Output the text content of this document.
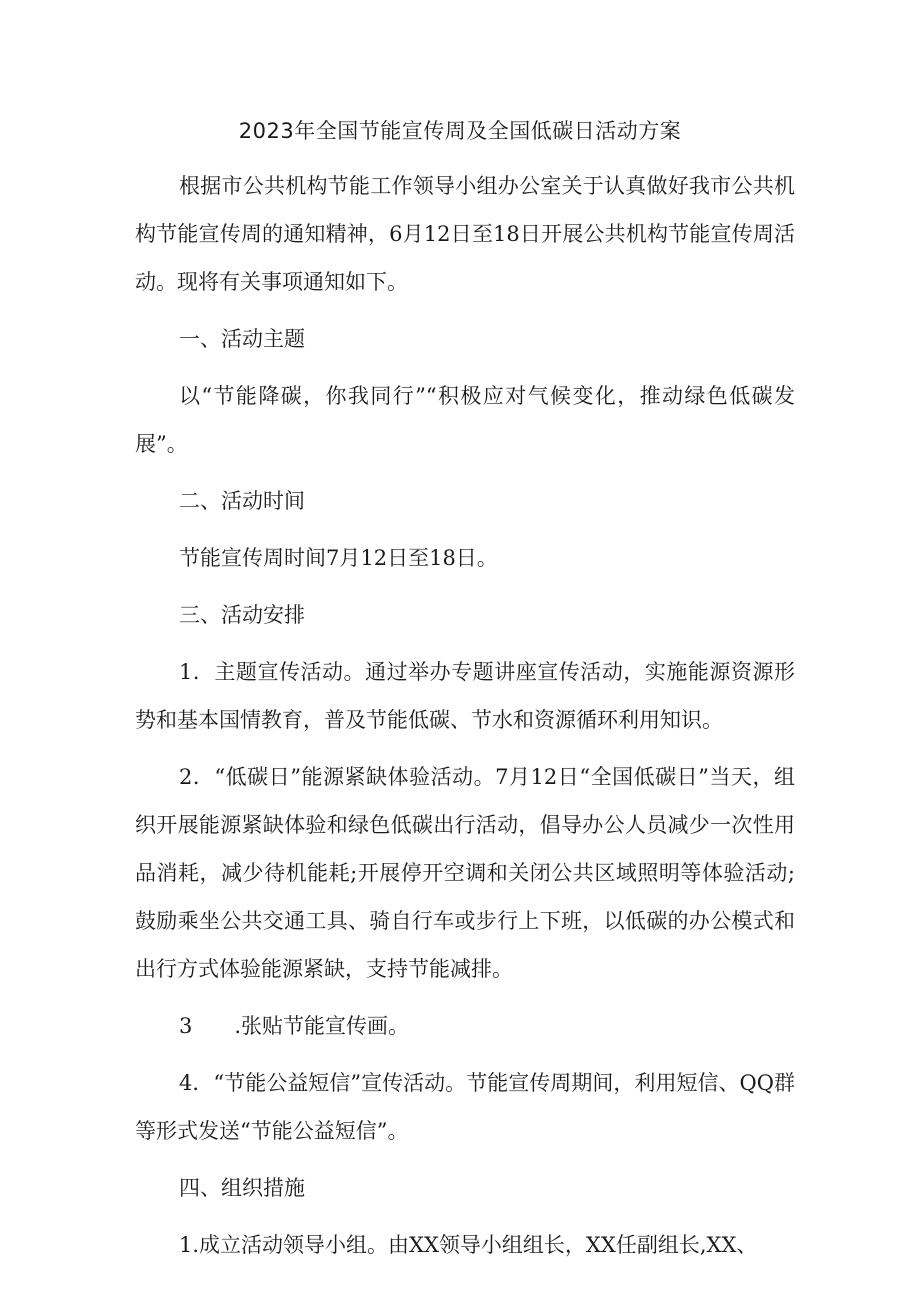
2023年全国节能宣传周及全国低碳日活动方案

根据市公共机构节能工作领导小组办公室关于认真做好我市公共机构节能宣传周的通知精神，6月12日至18日开展公共机构节能宣传周活动。现将有关事项通知如下。

一、活动主题

以“节能降碳，你我同行”“积极应对气候变化，推动绿色低碳发展”。

二、活动时间

节能宣传周时间7月12日至18日。

三、活动安排

1．主题宣传活动。通过举办专题讲座宣传活动，实施能源资源形势和基本国情教育，普及节能低碳、节水和资源循环利用知识。

2．“低碳日”能源紧缺体验活动。7月12日“全国低碳日”当天，组织开展能源紧缺体验和绿色低碳出行活动，倡导办公人员减少一次性用品消耗，减少待机能耗;开展停开空调和关闭公共区域照明等体验活动;鼓励乘坐公共交通工具、骑自行车或步行上下班，以低碳的办公模式和出行方式体验能源紧缺，支持节能减排。

3　　.张贴节能宣传画。

4．“节能公益短信”宣传活动。节能宣传周期间，利用短信、QQ群等形式发送“节能公益短信”。

四、组织措施

1.成立活动领导小组。由XX领导小组组长，XX任副组长,XX、
